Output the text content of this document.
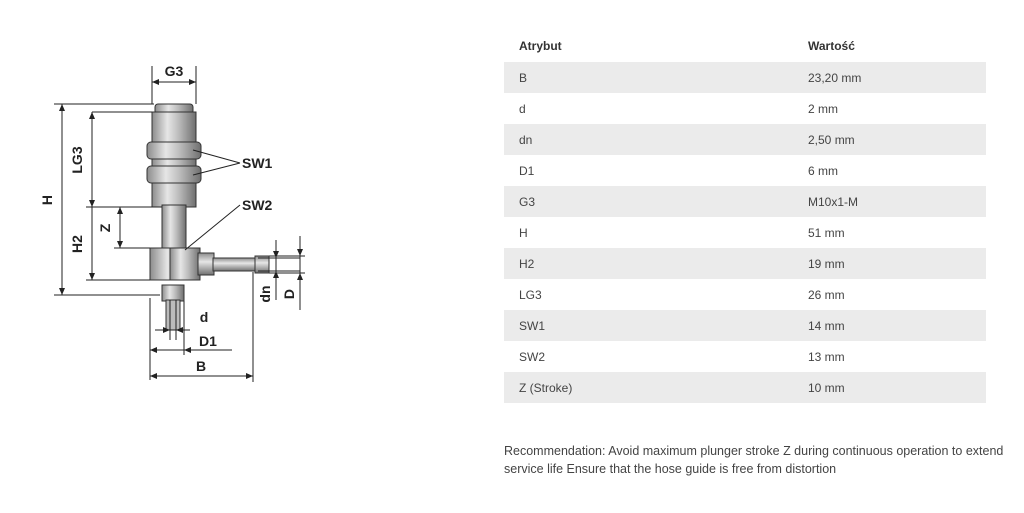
G3
H
LG3
H2
Z
SW1
SW2
dn D
d
D1
B
Atrybut	Wartość
B	23,20 mm
d	2 mm
dn	2,50 mm
D1	6 mm
G3	M10x1-M
H	51 mm
H2	19 mm
LG3	26 mm
SW1	14 mm
SW2	13 mm
Z (Stroke)	10 mm
Recommendation: Avoid maximum plunger stroke Z during continuous operation to extend service life Ensure that the hose guide is free from distortion
